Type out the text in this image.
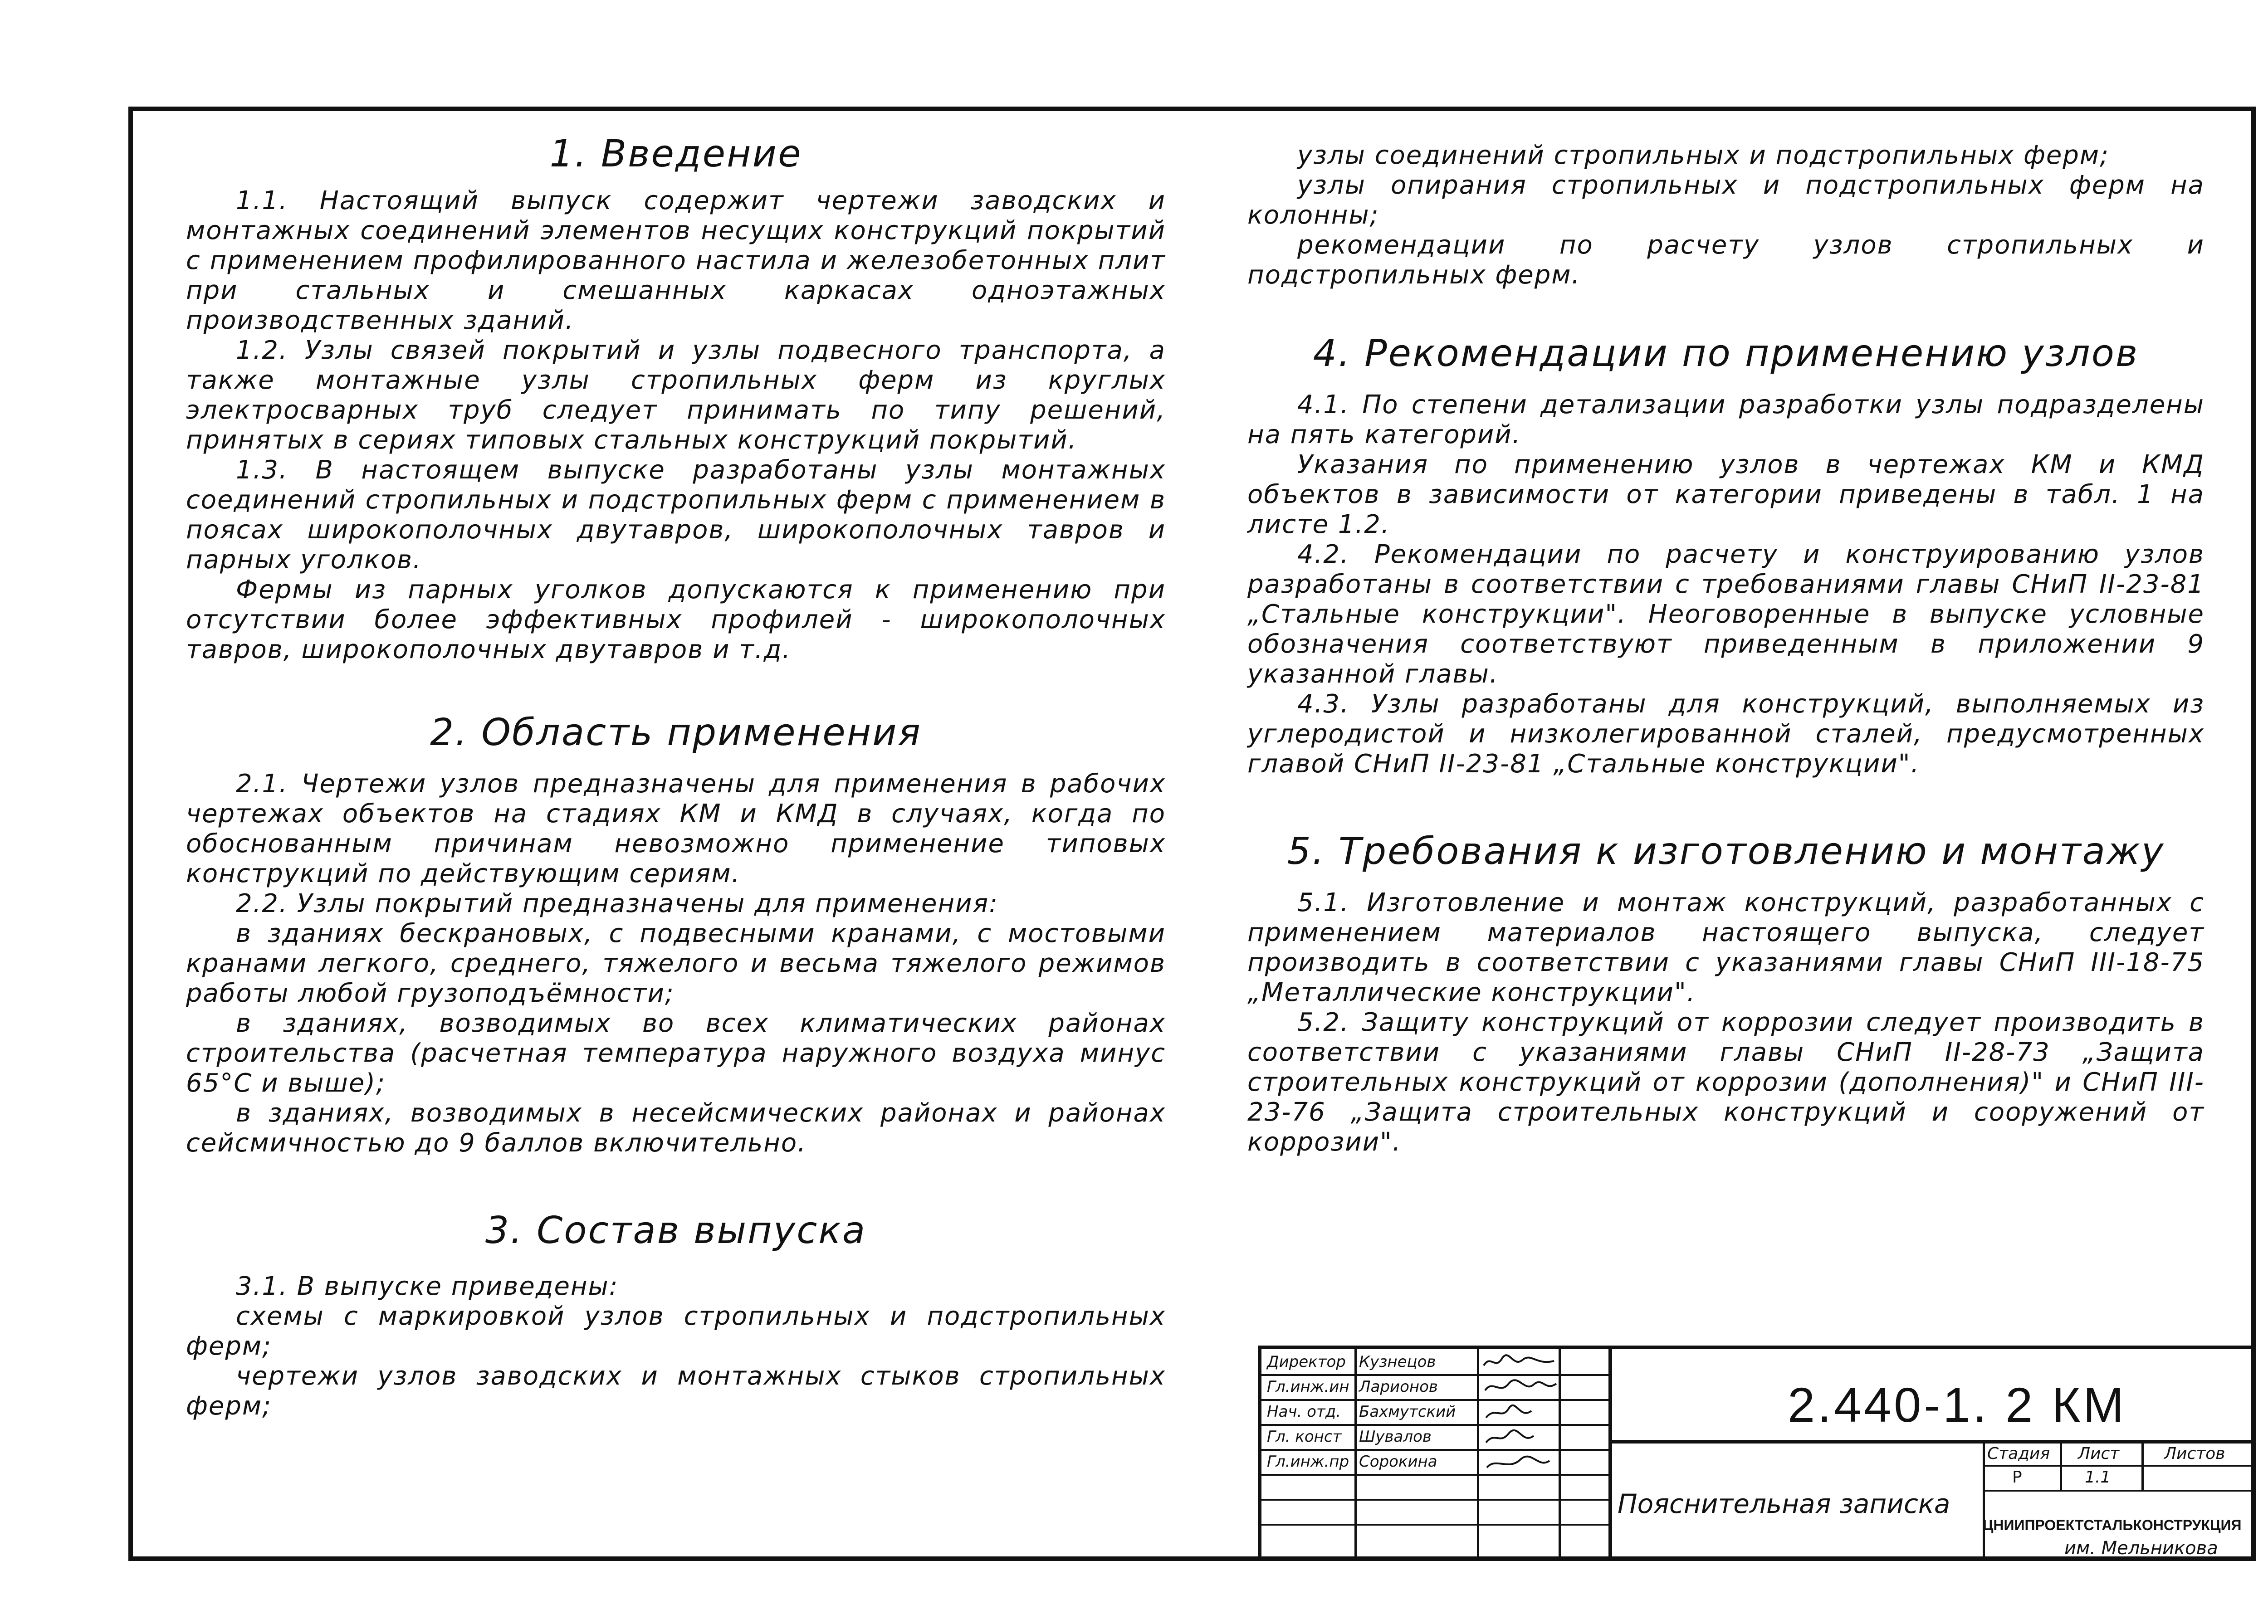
1. Введение

1.1. Настоящий выпуск содержит чертежи заводских и монтажных соединений элементов несущих конструкций покрытий с применением профилированного настила и железобетонных плит при стальных и смешанных каркасах одноэтажных производственных зданий.

1.2. Узлы связей покрытий и узлы подвесного транспорта, а также монтажные узлы стропильных ферм из круглых электросварных труб следует принимать по типу решений, принятых в сериях типовых стальных конструкций покрытий.

1.3. В настоящем выпуске разработаны узлы монтажных соединений стропильных и подстропильных ферм с применением в поясах широкополочных двутавров, широкополочных тавров и парных уголков.

Фермы из парных уголков допускаются к применению при отсутствии более эффективных профилей - широкополочных тавров, широкополочных двутавров и т.д.

2. Область применения

2.1. Чертежи узлов предназначены для применения в рабочих чертежах объектов на стадиях КМ и КМД в случаях, когда по обоснованным причинам невозможно применение типовых конструкций по действующим сериям.

2.2. Узлы покрытий предназначены для применения:

в зданиях бескрановых, с подвесными кранами, с мостовыми кранами легкого, среднего, тяжелого и весьма тяжелого режимов работы любой грузоподъёмности;

в зданиях, возводимых во всех климатических районах строительства (расчетная температура наружного воздуха минус 65°С и выше);

в зданиях, возводимых в несейсмических районах и районах сейсмичностью до 9 баллов включительно.

3. Состав выпуска

3.1. В выпуске приведены:

схемы с маркировкой узлов стропильных и подстропильных ферм;

чертежи узлов заводских и монтажных стыков стропильных ферм;

узлы соединений стропильных и подстропильных ферм;

узлы опирания стропильных и подстропильных ферм на колонны;

рекомендации по расчету узлов стропильных и подстропильных ферм.

4. Рекомендации по применению узлов

4.1. По степени детализации разработки узлы подразделены на пять категорий.

Указания по применению узлов в чертежах КМ и КМД объектов в зависимости от категории приведены в табл. 1 на листе 1.2.

4.2. Рекомендации по расчету и конструированию узлов разработаны в соответствии с требованиями главы СНиП II-23-81 „Стальные конструкции". Неоговоренные в выпуске условные обозначения соответствуют приведенным в приложении 9 указанной главы.

4.3. Узлы разработаны для конструкций, выполняемых из углеродистой и низколегированной сталей, предусмотренных главой СНиП II-23-81 „Стальные конструкции".

5. Требования к изготовлению и монтажу

5.1. Изготовление и монтаж конструкций, разработанных с применением материалов настоящего выпуска, следует производить в соответствии с указаниями главы СНиП III-18-75 „Металлические конструкции".

5.2. Защиту конструкций от коррозии следует производить в соответствии с указаниями главы СНиП II-28-73 „Защита строительных конструкций от коррозии (дополнения)" и СНиП III-23-76 „Защита строительных конструкций и сооружений от коррозии".

Директор Кузнецов
Гл.инж.ин Ларионов
Нач. отд. Бахмутский
Гл. конст Шувалов
Гл.инж.пр Сорокина
2.440-1. 2 КМ
Пояснительная записка
Стадия Лист	Листов
Р	1.1
ЦНИИПРОЕКТСТАЛЬКОНСТРУКЦИЯ
им. Мельникова
